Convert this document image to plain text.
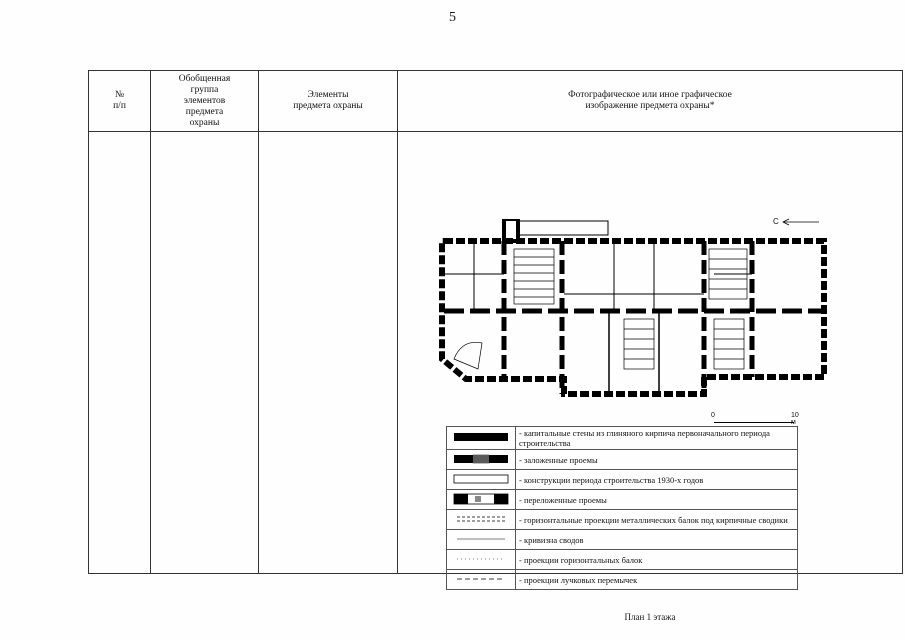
5
№
п/п	Обобщенная
группа
элементов
предмета
охраны	Элементы
предмета охраны	Фотографическое или иное графическое
изображение предмета охраны*

С
0	10 м
	- капитальные стены из глиняного кирпича первоначального периода строительства
	- заложенные проемы
	- конструкции периода строительства 1930-х годов
	- переложенные проемы
	- горизонтальные проекции металлических балок под кирпичные сводики
	- кривизна сводов
	- проекции горизонтальных балок
	- проекции лучковых перемычек
План 1 этажа
